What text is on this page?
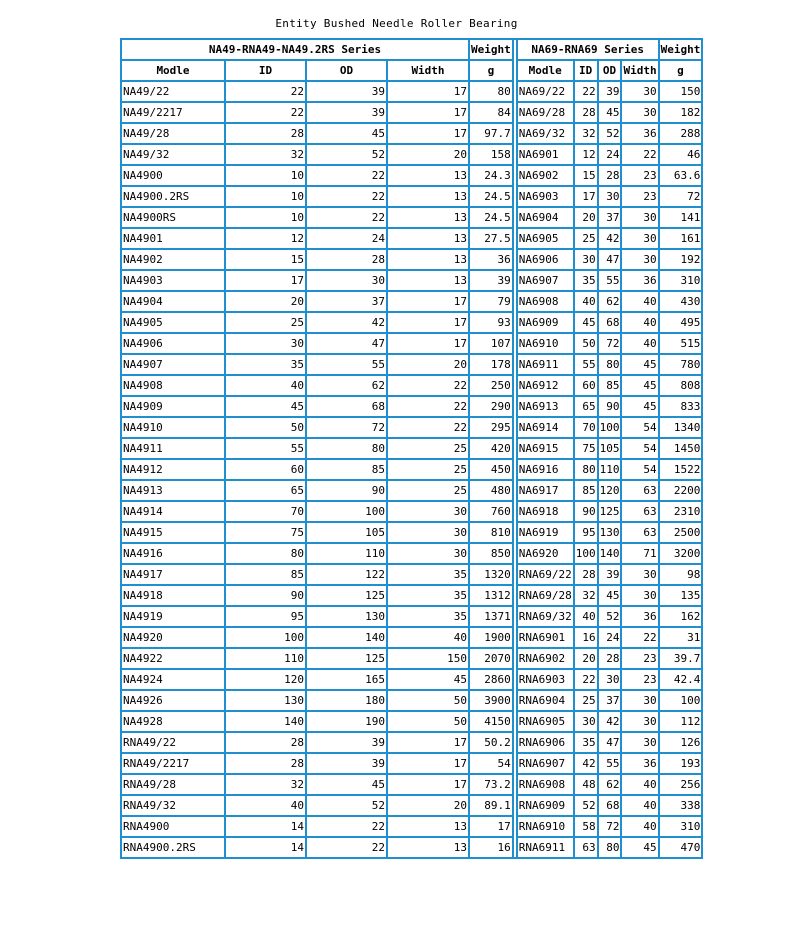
Entity Bushed Needle Roller Bearing
NA49-RNA49-NA49.2RS Series				Weight		NA69-RNA69 Series				Weight
Modle	ID	OD	Width	g		Modle	ID	OD	Width	g
NA49/22	22	39	17	80		NA69/22	22	39	30	150
NA49/2217	22	39	17	84		NA69/28	28	45	30	182
NA49/28	28	45	17	97.7		NA69/32	32	52	36	288
NA49/32	32	52	20	158		NA6901	12	24	22	46
NA4900	10	22	13	24.3		NA6902	15	28	23	63.6
NA4900.2RS	10	22	13	24.5		NA6903	17	30	23	72
NA4900RS	10	22	13	24.5		NA6904	20	37	30	141
NA4901	12	24	13	27.5		NA6905	25	42	30	161
NA4902	15	28	13	36		NA6906	30	47	30	192
NA4903	17	30	13	39		NA6907	35	55	36	310
NA4904	20	37	17	79		NA6908	40	62	40	430
NA4905	25	42	17	93		NA6909	45	68	40	495
NA4906	30	47	17	107		NA6910	50	72	40	515
NA4907	35	55	20	178		NA6911	55	80	45	780
NA4908	40	62	22	250		NA6912	60	85	45	808
NA4909	45	68	22	290		NA6913	65	90	45	833
NA4910	50	72	22	295		NA6914	70	100	54	1340
NA4911	55	80	25	420		NA6915	75	105	54	1450
NA4912	60	85	25	450		NA6916	80	110	54	1522
NA4913	65	90	25	480		NA6917	85	120	63	2200
NA4914	70	100	30	760		NA6918	90	125	63	2310
NA4915	75	105	30	810		NA6919	95	130	63	2500
NA4916	80	110	30	850		NA6920	100	140	71	3200
NA4917	85	122	35	1320		RNA69/22	28	39	30	98
NA4918	90	125	35	1312		RNA69/28	32	45	30	135
NA4919	95	130	35	1371		RNA69/32	40	52	36	162
NA4920	100	140	40	1900		RNA6901	16	24	22	31
NA4922	110	125	150	2070		RNA6902	20	28	23	39.7
NA4924	120	165	45	2860		RNA6903	22	30	23	42.4
NA4926	130	180	50	3900		RNA6904	25	37	30	100
NA4928	140	190	50	4150		RNA6905	30	42	30	112
RNA49/22	28	39	17	50.2		RNA6906	35	47	30	126
RNA49/2217	28	39	17	54		RNA6907	42	55	36	193
RNA49/28	32	45	17	73.2		RNA6908	48	62	40	256
RNA49/32	40	52	20	89.1		RNA6909	52	68	40	338
RNA4900	14	22	13	17		RNA6910	58	72	40	310
RNA4900.2RS	14	22	13	16		RNA6911	63	80	45	470
